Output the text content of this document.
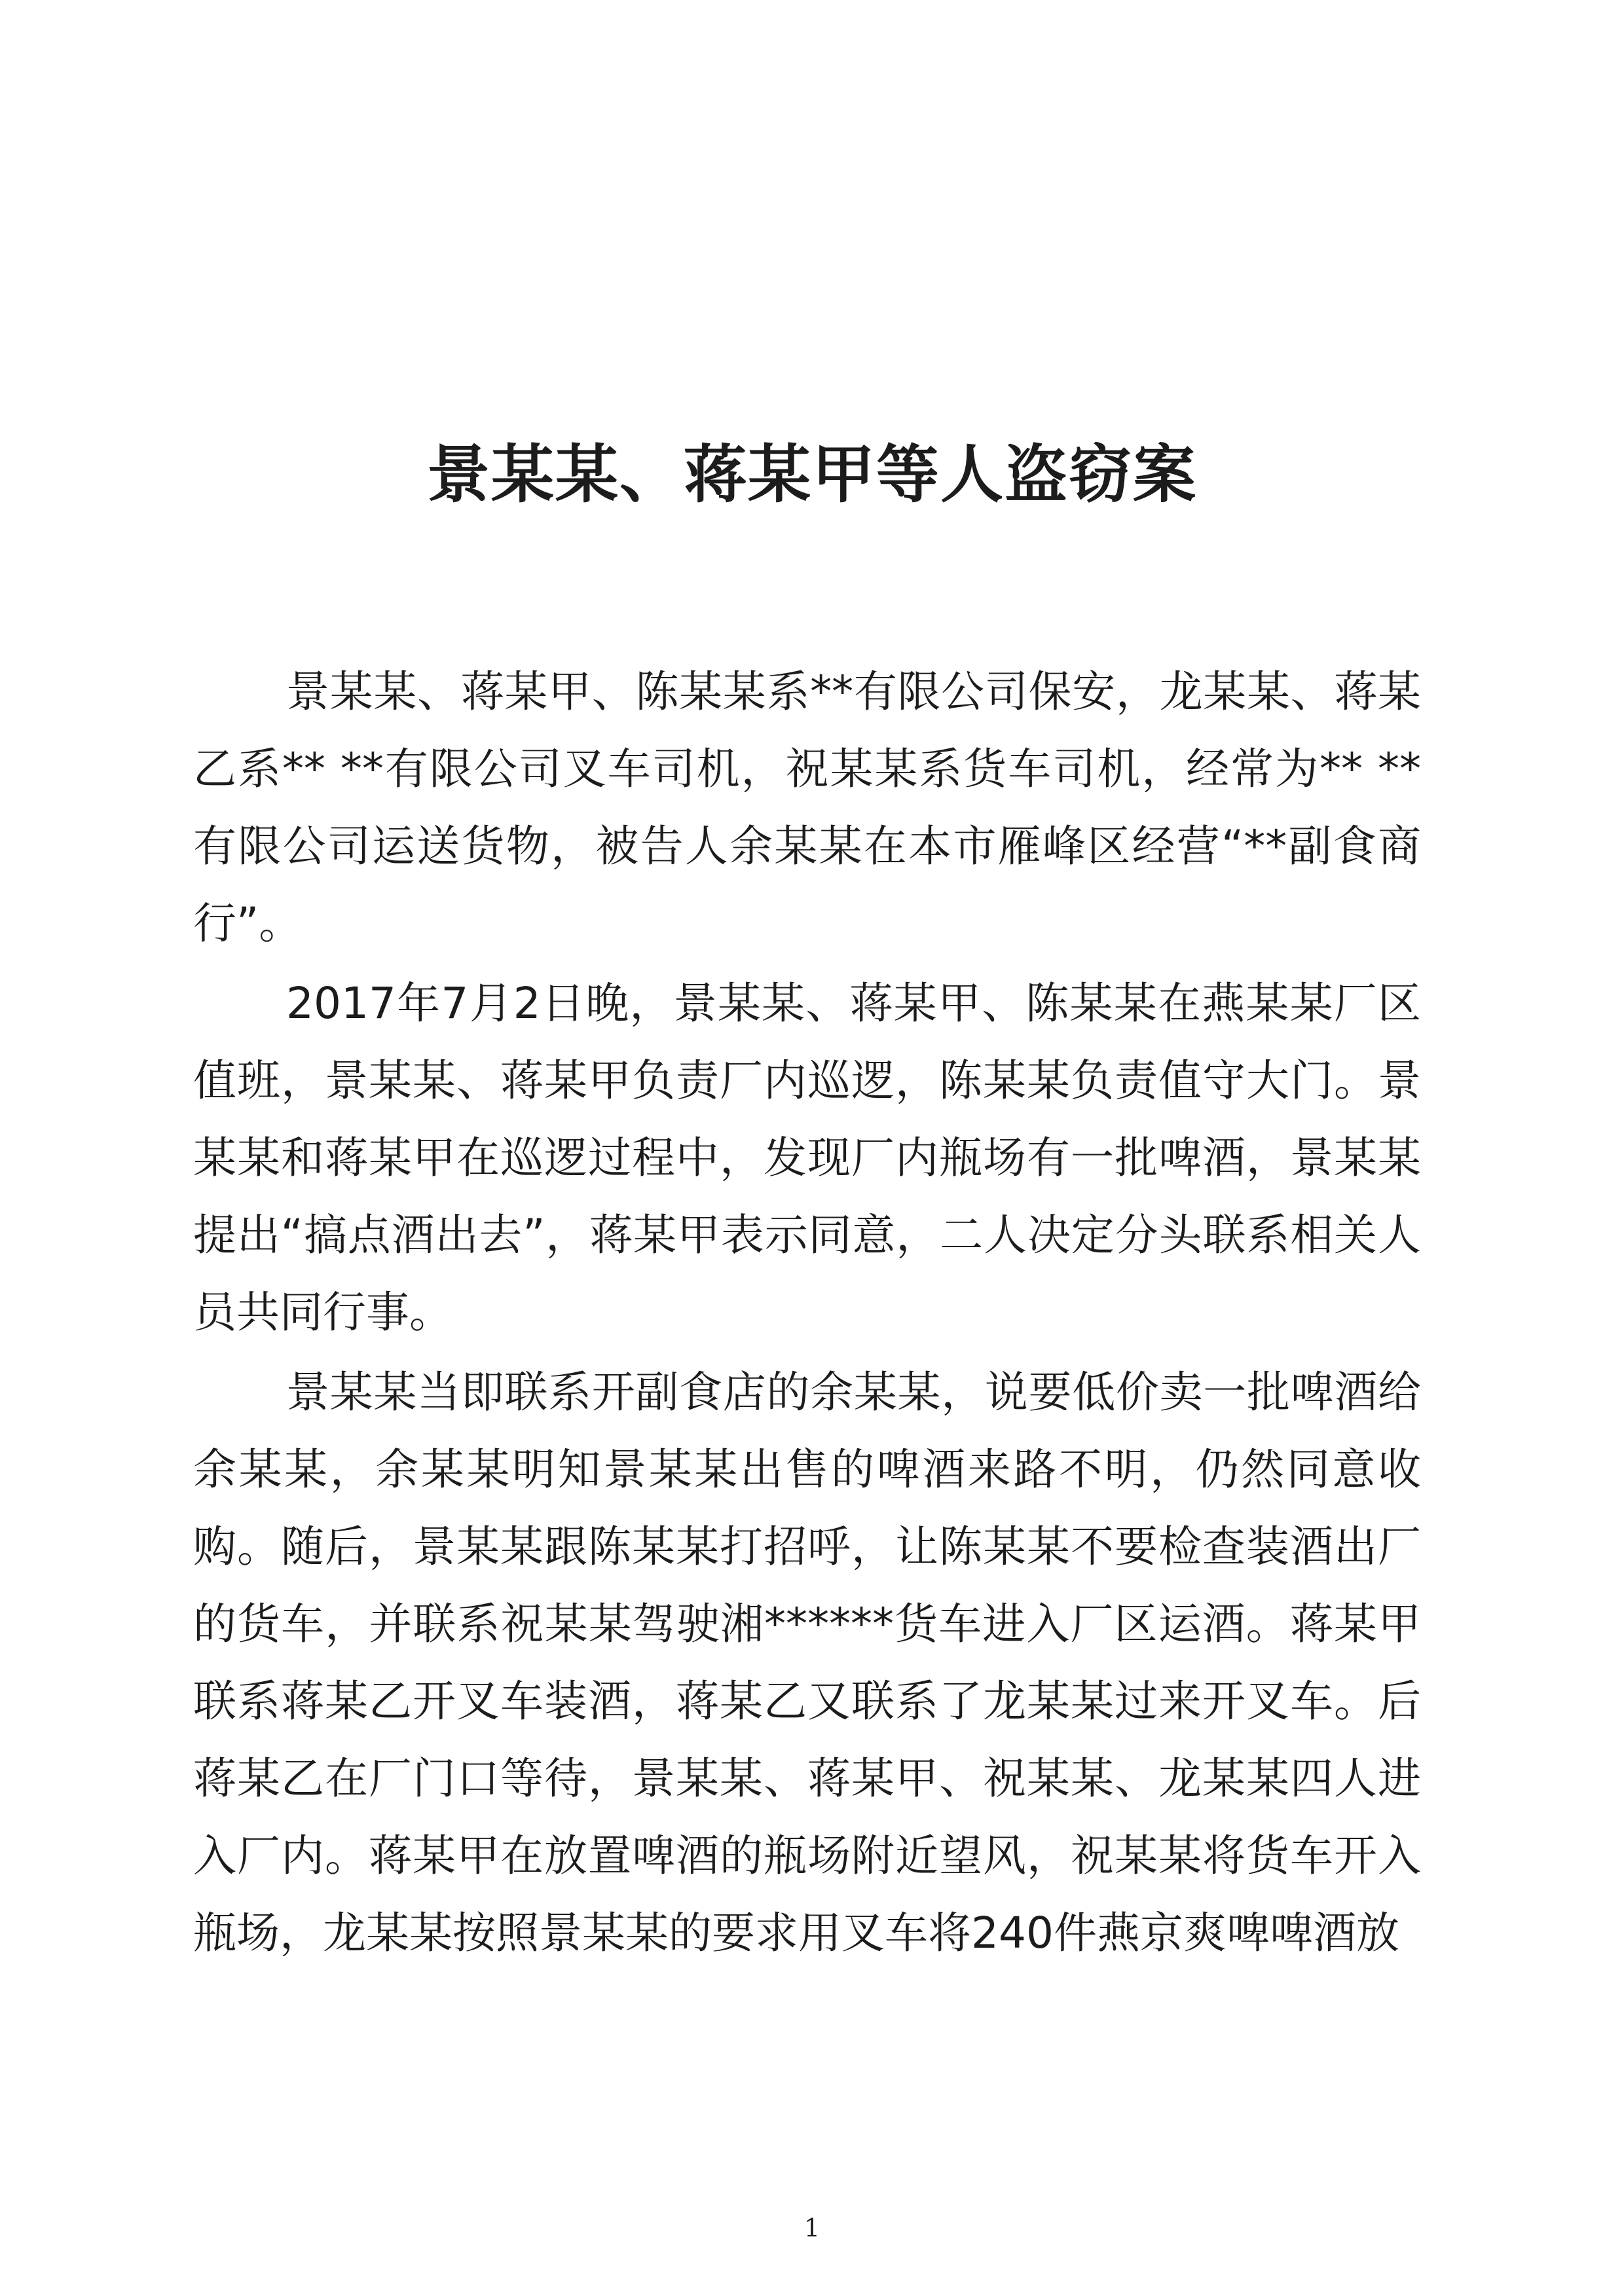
景某某、蒋某甲等人盗窃案

景某某、蒋某甲、陈某某系**有限公司保安，龙某某、蒋某乙系** **有限公司叉车司机，祝某某系货车司机，经常为** **有限公司运送货物，被告人余某某在本市雁峰区经营“**副食商行”。

2017年7月2日晚，景某某、蒋某甲、陈某某在燕某某厂区值班，景某某、蒋某甲负责厂内巡逻，陈某某负责值守大门。景某某和蒋某甲在巡逻过程中，发现厂内瓶场有一批啤酒，景某某提出“搞点酒出去”，蒋某甲表示同意，二人决定分头联系相关人员共同行事。

景某某当即联系开副食店的余某某，说要低价卖一批啤酒给余某某，余某某明知景某某出售的啤酒来路不明，仍然同意收购。随后，景某某跟陈某某打招呼，让陈某某不要检查装酒出厂的货车，并联系祝某某驾驶湘******货车进入厂区运酒。蒋某甲联系蒋某乙开叉车装酒，蒋某乙又联系了龙某某过来开叉车。后蒋某乙在厂门口等待，景某某、蒋某甲、祝某某、龙某某四人进入厂内。蒋某甲在放置啤酒的瓶场附近望风，祝某某将货车开入瓶场，龙某某按照景某某的要求用叉车将240件燕京爽啤啤酒放

1
